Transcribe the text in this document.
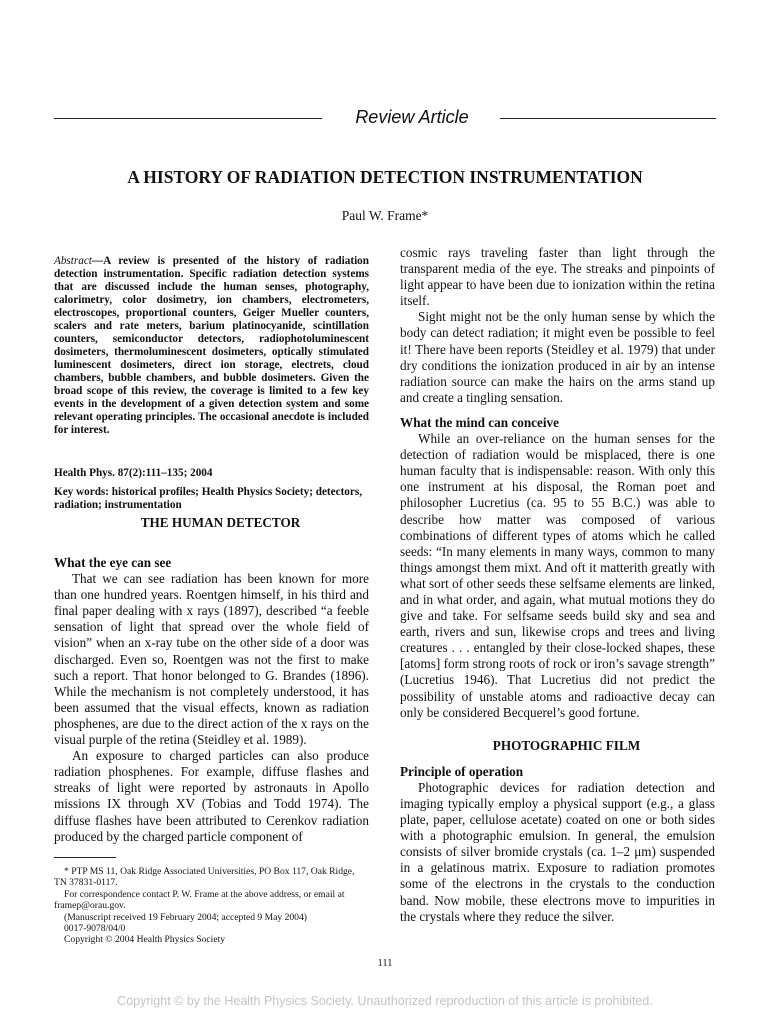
Review Article
A HISTORY OF RADIATION DETECTION INSTRUMENTATION
Paul W. Frame*

Abstract—A review is presented of the history of radiation detection instrumentation. Specific radiation detection systems that are discussed include the human senses, photography, calorimetry, color dosimetry, ion chambers, electrometers, electroscopes, proportional counters, Geiger Mueller counters, scalers and rate meters, barium platinocyanide, scintillation counters, semiconductor detectors, radiophotoluminescent dosimeters, thermoluminescent dosimeters, optically stimulated luminescent dosimeters, direct ion storage, electrets, cloud chambers, bubble chambers, and bubble dosimeters. Given the broad scope of this review, the coverage is limited to a few key events in the development of a given detection system and some relevant operating principles. The occasional anecdote is included for interest.

Health Phys. 87(2):111–135; 2004
Key words: historical profiles; Health Physics Society; detectors, radiation; instrumentation

THE HUMAN DETECTOR

What the eye can see

That we can see radiation has been known for more than one hundred years. Roentgen himself, in his third and final paper dealing with x rays (1897), described “a feeble sensation of light that spread over the whole field of vision” when an x-ray tube on the other side of a door was discharged. Even so, Roentgen was not the first to make such a report. That honor belonged to G. Brandes (1896). While the mechanism is not completely understood, it has been assumed that the visual effects, known as radiation phosphenes, are due to the direct action of the x rays on the visual purple of the retina (Steidley et al. 1989).

An exposure to charged particles can also produce radiation phosphenes. For example, diffuse flashes and streaks of light were reported by astronauts in Apollo missions IX through XV (Tobias and Todd 1974). The diffuse flashes have been attributed to Cerenkov radiation produced by the charged particle component of

* PTP MS 11, Oak Ridge Associated Universities, PO Box 117, Oak Ridge, TN 37831-0117.

For correspondence contact P. W. Frame at the above address, or email at framep@orau.gov.

(Manuscript received 19 February 2004; accepted 9 May 2004)

0017-9078/04/0

Copyright © 2004 Health Physics Society

cosmic rays traveling faster than light through the transparent media of the eye. The streaks and pinpoints of light appear to have been due to ionization within the retina itself.

Sight might not be the only human sense by which the body can detect radiation; it might even be possible to feel it! There have been reports (Steidley et al. 1979) that under dry conditions the ionization produced in air by an intense radiation source can make the hairs on the arms stand up and create a tingling sensation.

What the mind can conceive

While an over-reliance on the human senses for the detection of radiation would be misplaced, there is one human faculty that is indispensable: reason. With only this one instrument at his disposal, the Roman poet and philosopher Lucretius (ca. 95 to 55 B.C.) was able to describe how matter was composed of various combinations of different types of atoms which he called seeds: “In many elements in many ways, common to many things amongst them mixt. And oft it matterith greatly with what sort of other seeds these selfsame elements are linked, and in what order, and again, what mutual motions they do give and take. For selfsame seeds build sky and sea and earth, rivers and sun, likewise crops and trees and living creatures . . . entangled by their close-locked shapes, these [atoms] form strong roots of rock or iron’s savage strength” (Lucretius 1946). That Lucretius did not predict the possibility of unstable atoms and radioactive decay can only be considered Becquerel’s good fortune.

PHOTOGRAPHIC FILM

Principle of operation

Photographic devices for radiation detection and imaging typically employ a physical support (e.g., a glass plate, paper, cellulose acetate) coated on one or both sides with a photographic emulsion. In general, the emulsion consists of silver bromide crystals (ca. 1–2 μm) suspended in a gelatinous matrix. Exposure to radiation promotes some of the electrons in the crystals to the conduction band. Now mobile, these electrons move to impurities in the crystals where they reduce the silver.

111
Copyright © by the Health Physics Society. Unauthorized reproduction of this article is prohibited.
